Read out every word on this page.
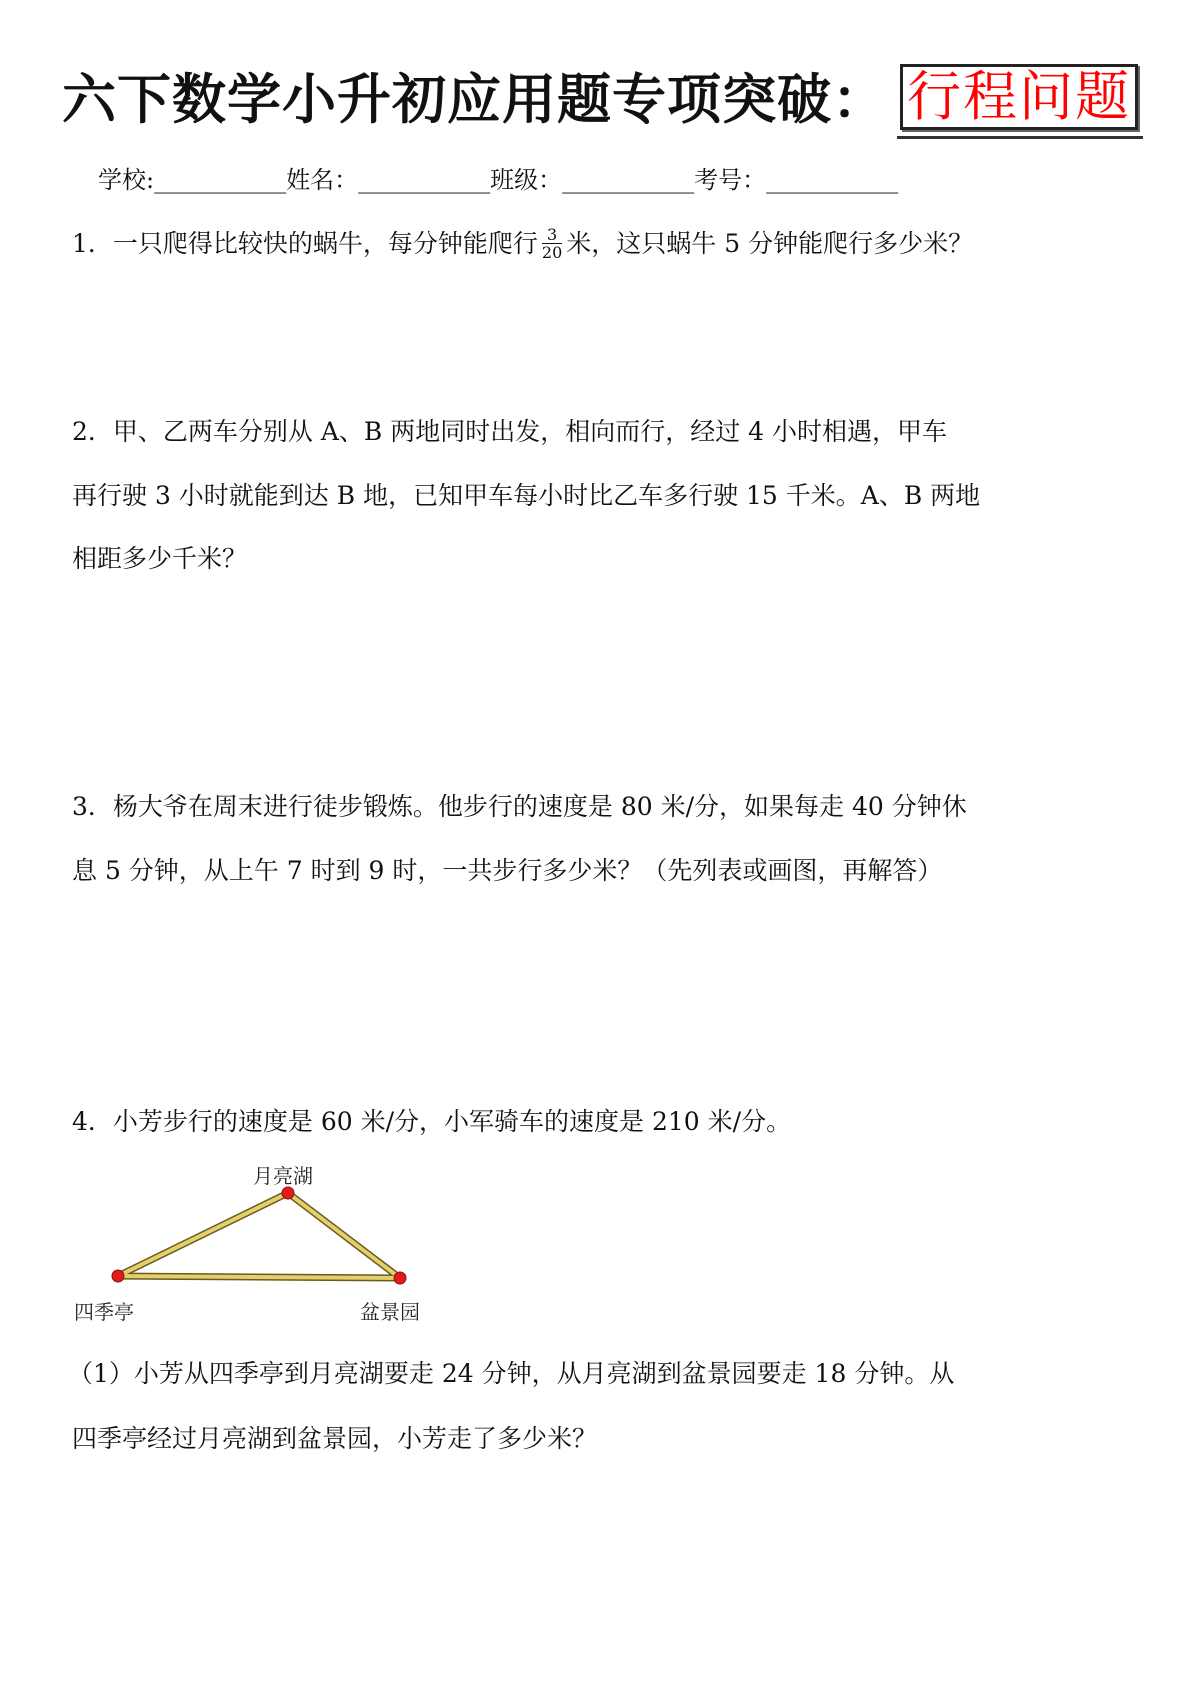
六下数学小升初应用题专项突破： 行程问题
学校:___________姓名：___________班级：___________考号：___________
1．一只爬得比较快的蜗牛，每分钟能爬行 $\frac{3}{20}$ 米，这只蜗牛 5 分钟能爬行多少米？
2．甲、乙两车分别从 A、B 两地同时出发，相向而行，经过 4 小时相遇，甲车
再行驶 3 小时就能到达 B 地，已知甲车每小时比乙车多行驶 15 千米。A、B 两地
相距多少千米？
3．杨大爷在周末进行徒步锻炼。他步行的速度是 80 米/分，如果每走 40 分钟休
息 5 分钟，从上午 7 时到 9 时，一共步行多少米？（先列表或画图，再解答）
4．小芳步行的速度是 60 米/分，小军骑车的速度是 210 米/分。
月亮湖
四季亭	盆景园
（1）小芳从四季亭到月亮湖要走 24 分钟，从月亮湖到盆景园要走 18 分钟。从
四季亭经过月亮湖到盆景园，小芳走了多少米？
